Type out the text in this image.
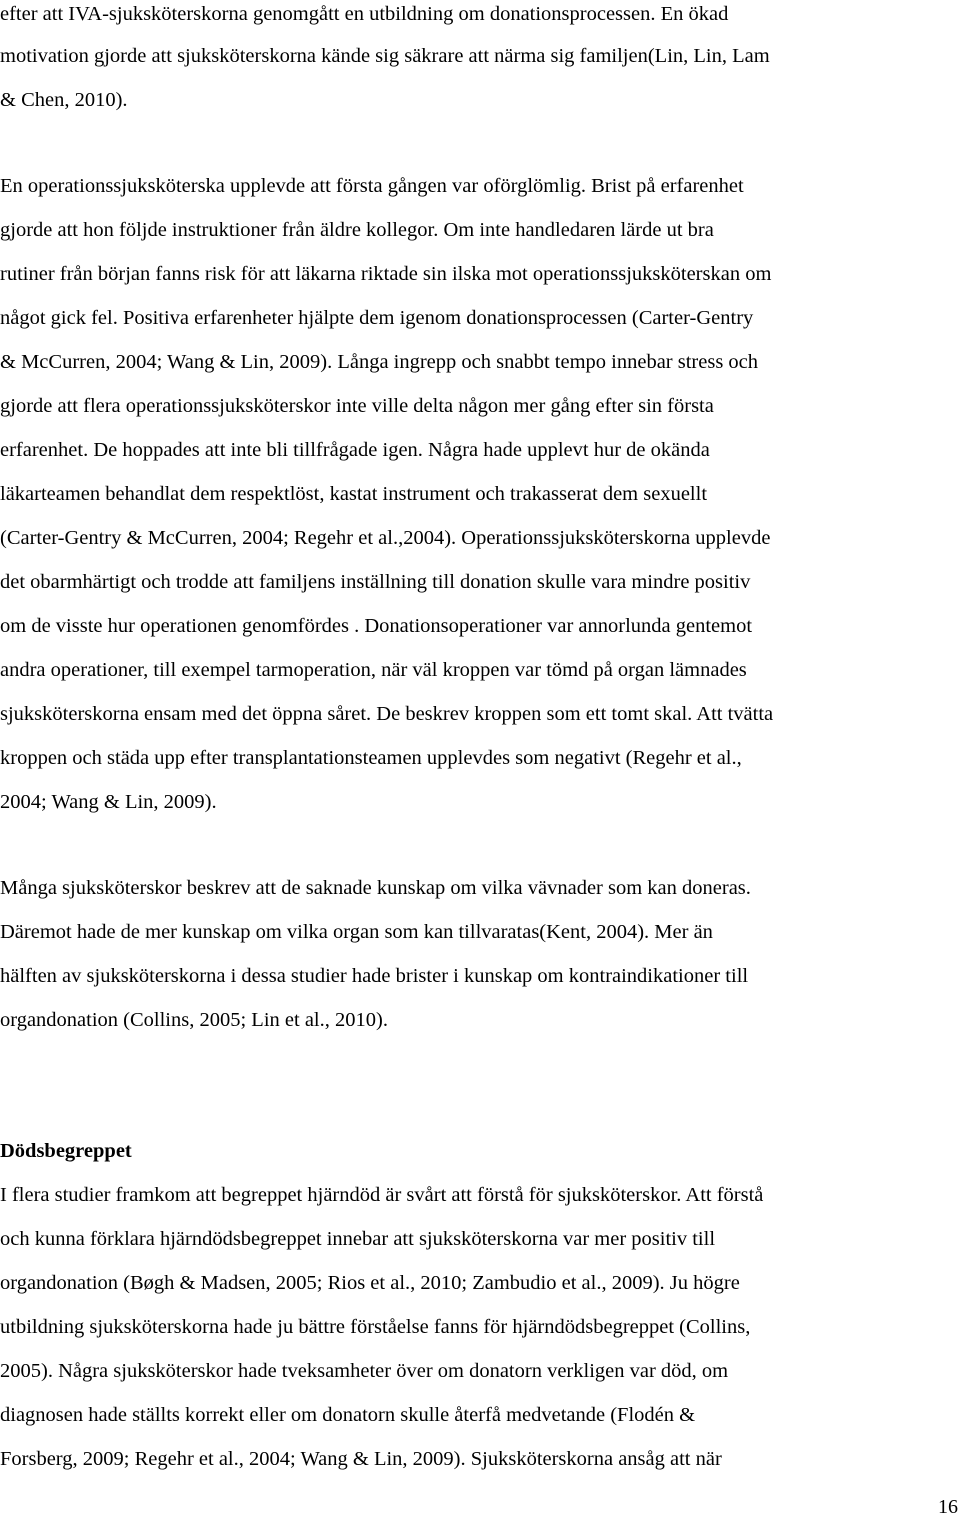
efter att IVA-sjuksköterskorna genomgått en utbildning om donationsprocessen. En ökad
motivation gjorde att sjuksköterskorna kände sig säkrare att närma sig familjen(Lin, Lin, Lam
& Chen, 2010).
En operationssjuksköterska upplevde att första gången var oförglömlig. Brist på erfarenhet
gjorde att hon följde instruktioner från äldre kollegor. Om inte handledaren lärde ut bra
rutiner från början fanns risk för att läkarna riktade sin ilska mot operationssjuksköterskan om
något gick fel. Positiva erfarenheter hjälpte dem igenom donationsprocessen (Carter-Gentry
& McCurren, 2004; Wang & Lin, 2009). Långa ingrepp och snabbt tempo innebar stress och
gjorde att flera operationssjuksköterskor inte ville delta någon mer gång efter sin första
erfarenhet. De hoppades att inte bli tillfrågade igen. Några hade upplevt hur de okända
läkarteamen behandlat dem respektlöst, kastat instrument och trakasserat dem sexuellt
(Carter-Gentry & McCurren, 2004; Regehr et al.,2004). Operationssjuksköterskorna upplevde
det obarmhärtigt och trodde att familjens inställning till donation skulle vara mindre positiv
om de visste hur operationen genomfördes . Donationsoperationer var annorlunda gentemot
andra operationer, till exempel tarmoperation, när väl kroppen var tömd på organ lämnades
sjuksköterskorna ensam med det öppna såret. De beskrev kroppen som ett tomt skal. Att tvätta
kroppen och städa upp efter transplantationsteamen upplevdes som negativt (Regehr et al.,
2004; Wang & Lin, 2009).
Många sjuksköterskor beskrev att de saknade kunskap om vilka vävnader som kan doneras.
Däremot hade de mer kunskap om vilka organ som kan tillvaratas(Kent, 2004). Mer än
hälften av sjuksköterskorna i dessa studier hade brister i kunskap om kontraindikationer till
organdonation (Collins, 2005; Lin et al., 2010).
Dödsbegreppet
I flera studier framkom att begreppet hjärndöd är svårt att förstå för sjuksköterskor. Att förstå
och kunna förklara hjärndödsbegreppet innebar att sjuksköterskorna var mer positiv till
organdonation (Bøgh & Madsen, 2005; Rios et al., 2010; Zambudio et al., 2009). Ju högre
utbildning sjuksköterskorna hade ju bättre förståelse fanns för hjärndödsbegreppet (Collins,
2005). Några sjuksköterskor hade tveksamheter över om donatorn verkligen var död, om
diagnosen hade ställts korrekt eller om donatorn skulle återfå medvetande (Flodén &
Forsberg, 2009; Regehr et al., 2004; Wang & Lin, 2009). Sjuksköterskorna ansåg att när
16
